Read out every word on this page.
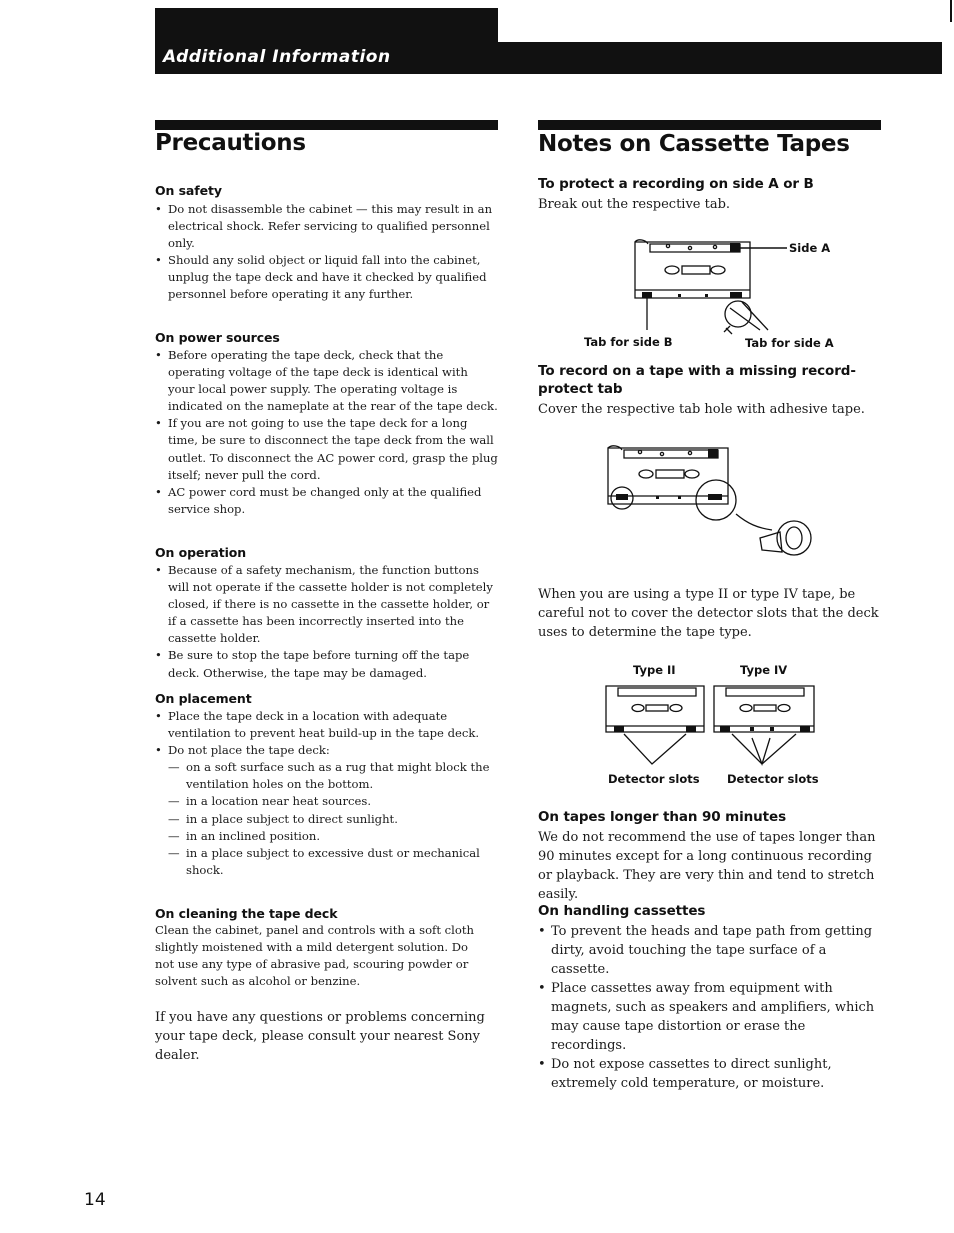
Additional Information
Precautions
On safety
• Do not disassemble the cabinet — this may result in an electrical shock. Refer servicing to qualified personnel only.
• Should any solid object or liquid fall into the cabinet, unplug the tape deck and have it checked by qualified personnel before operating it any further.
On power sources
• Before operating the tape deck, check that the operating voltage of the tape deck is identical with your local power supply. The operating voltage is indicated on the nameplate at the rear of the tape deck.
• If you are not going to use the tape deck for a long time, be sure to disconnect the tape deck from the wall outlet. To disconnect the AC power cord, grasp the plug itself; never pull the cord.
• AC power cord must be changed only at the qualified service shop.
On operation
• Because of a safety mechanism, the function buttons will not operate if the cassette holder is not completely closed, if there is no cassette in the cassette holder, or if a cassette has been incorrectly inserted into the cassette holder.
• Be sure to stop the tape before turning off the tape deck. Otherwise, the tape may be damaged.
On placement
• Place the tape deck in a location with adequate ventilation to prevent heat build-up in the tape deck.
• Do not place the tape deck:
— on a soft surface such as a rug that might block the ventilation holes on the bottom.
— in a location near heat sources.
— in a place subject to direct sunlight.
— in an inclined position.
— in a place subject to excessive dust or mechanical shock.
On cleaning the tape deck
Clean the cabinet, panel and controls with a soft cloth slightly moistened with a mild detergent solution. Do not use any type of abrasive pad, scouring powder or solvent such as alcohol or benzine.
If you have any questions or problems concerning your tape deck, please consult your nearest Sony dealer.
Notes on Cassette Tapes
To protect a recording on side A or B
Break out the respective tab.
Side A
Tab for side B	Tab for side A
To record on a tape with a missing record-protect tab
Cover the respective tab hole with adhesive tape.
When you are using a type II or type IV tape, be careful not to cover the detector slots that the deck uses to determine the tape type.
Type II	Type IV
Detector slots Detector slots
On tapes longer than 90 minutes
We do not recommend the use of tapes longer than 90 minutes except for a long continuous recording or playback. They are very thin and tend to stretch easily.
On handling cassettes
• To prevent the heads and tape path from getting dirty, avoid touching the tape surface of a cassette.
• Place cassettes away from equipment with magnets, such as speakers and amplifiers, which may cause tape distortion or erase the recordings.
• Do not expose cassettes to direct sunlight, extremely cold temperature, or moisture.
14
